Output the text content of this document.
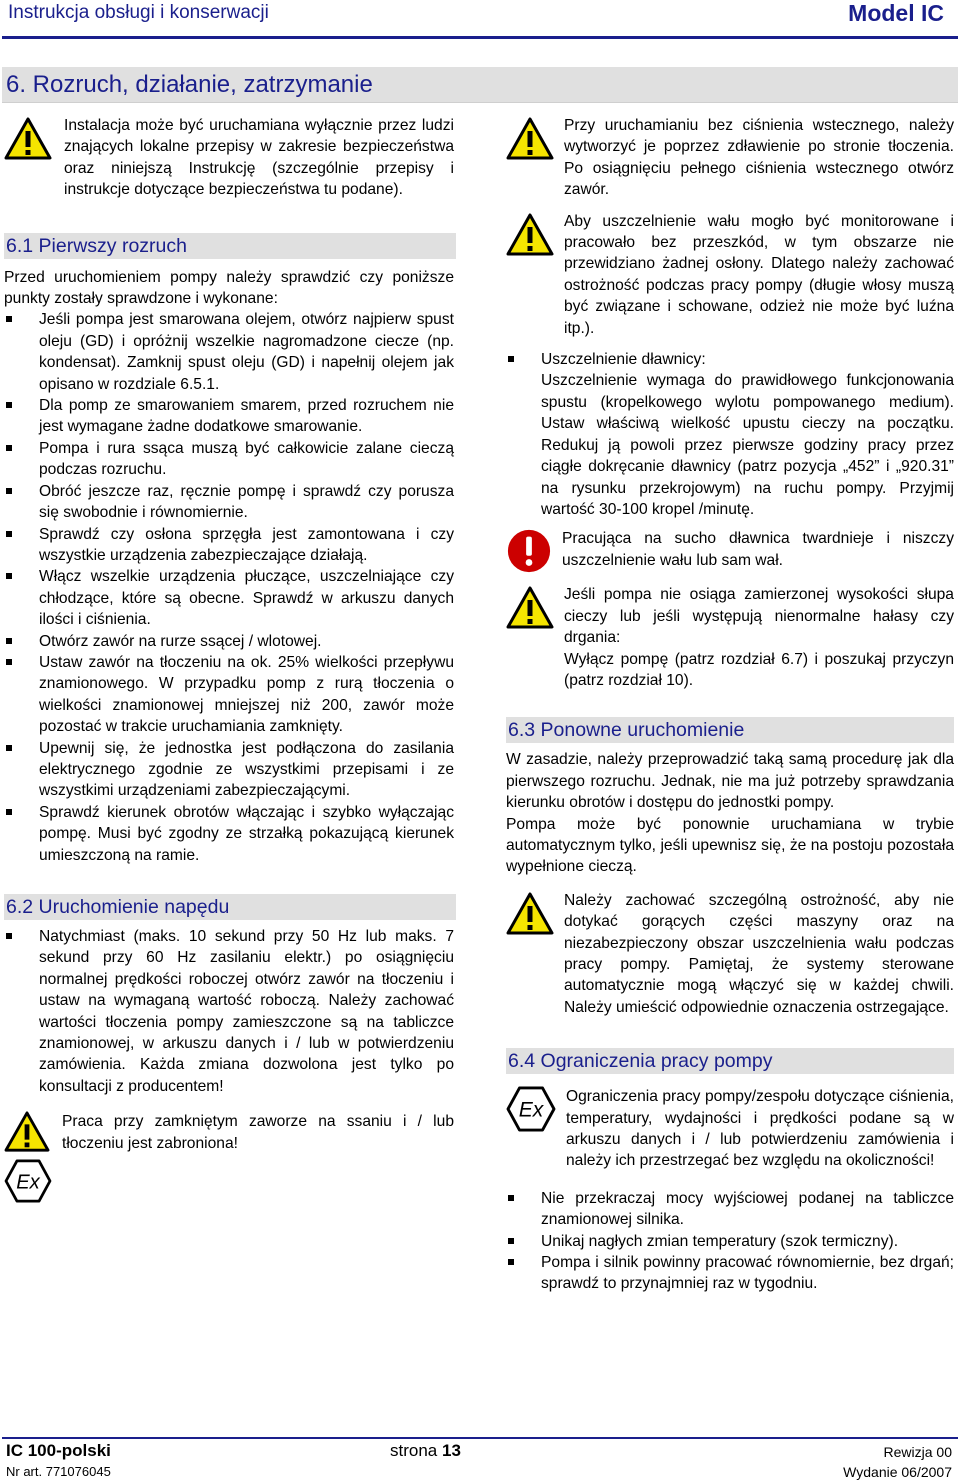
Instrukcja obsługi i konserwacji	Model IC
6. Rozruch, działanie, zatrzymanie
Instalacja może być uruchamiana wyłącznie przez ludzi znających lokalne przepisy w zakresie bezpieczeństwa oraz niniejszą Instrukcję (szczególnie przepisy i instrukcje dotyczące bezpieczeństwa tu podane).
6.1 Pierwszy rozruch

Przed uruchomieniem pompy należy sprawdzić czy poniższe punkty zostały sprawdzone i wykonane:

Jeśli pompa jest smarowana olejem, otwórz najpierw spust oleju (GD) i opróżnij wszelkie nagromadzone ciecze (np. kondensat). Zamknij spust oleju (GD) i napełnij olejem jak opisano w rozdziale 6.5.1.
Dla pomp ze smarowaniem smarem, przed rozruchem nie jest wymagane żadne dodatkowe smarowanie.
Pompa i rura ssąca muszą być całkowicie zalane cieczą podczas rozruchu.
Obróć jeszcze raz, ręcznie pompę i sprawdź czy porusza się swobodnie i równomiernie.
Sprawdź czy osłona sprzęgła jest zamontowana i czy wszystkie urządzenia zabezpieczające działają.
Włącz wszelkie urządzenia płuczące, uszczelniające czy chłodzące, które są obecne. Sprawdź w arkuszu danych ilości i ciśnienia.
Otwórz zawór na rurze ssącej / wlotowej.
Ustaw zawór na tłoczeniu na ok. 25% wielkości przepływu znamionowego. W przypadku pomp z rurą tłoczenia o wielkości znamionowej mniejszej niż 200, zawór może pozostać w trakcie uruchamiania zamknięty.
Upewnij się, że jednostka jest podłączona do zasilania elektrycznego zgodnie ze wszystkimi przepisami i ze wszystkimi urządzeniami zabezpieczającymi.
Sprawdź kierunek obrotów włączając i szybko wyłączając pompę. Musi być zgodny ze strzałką pokazującą kierunek umieszczoną na ramie.
6.2 Uruchomienie napędu
Natychmiast (maks. 10 sekund przy 50 Hz lub maks. 7 sekund przy 60 Hz zasilaniu elektr.) po osiągnięciu normalnej prędkości roboczej otwórz zawór na tłoczeniu i ustaw na wymaganą wartość roboczą. Należy zachować wartości tłoczenia pompy zamieszczone są na tabliczce znamionowej, w arkuszu danych i / lub w potwierdzeniu zamówienia. Każda zmiana dozwolona jest tylko po konsultacji z producentem!
Praca przy zamkniętym zaworze na ssaniu i / lub tłoczeniu jest zabroniona!
Przy uruchamianiu bez ciśnienia wstecznego, należy wytworzyć je poprzez zdławienie po stronie tłoczenia. Po osiągnięciu pełnego ciśnienia wstecznego otwórz zawór.
Aby uszczelnienie wału mogło być monitorowane i pracowało bez przeszkód, w tym obszarze nie przewidziano żadnej osłony. Dlatego należy zachować ostrożność podczas pracy pompy (długie włosy muszą być związane i schowane, odzież nie może być luźna itp.).
Uszczelnienie dławnicy:
Uszczelnienie wymaga do prawidłowego funkcjonowania spustu (kropelkowego wylotu pompowanego medium). Ustaw właściwą wielkość upustu cieczy na początku. Redukuj ją powoli przez pierwsze godziny pracy przez ciągłe dokręcanie dławnicy (patrz pozycja „452” i „920.31” na rysunku przekrojowym) na ruchu pompy. Przyjmij wartość 30-100 kropel /minutę.
Pracująca na sucho dławnica twardnieje i niszczy uszczelnienie wału lub sam wał.
Jeśli pompa nie osiąga zamierzonej wysokości słupa cieczy lub jeśli występują nienormalne hałasy czy drgania:
Wyłącz pompę (patrz rozdział 6.7) i poszukaj przyczyn (patrz rozdział 10).
6.3 Ponowne uruchomienie

W zasadzie, należy przeprowadzić taką samą procedurę jak dla pierwszego rozruchu. Jednak, nie ma już potrzeby sprawdzania kierunku obrotów i dostępu do jednostki pompy.

Pompa może być ponownie uruchamiana w trybie automatycznym tylko, jeśli upewnisz się, że na postoju pozostała wypełnione cieczą.

Należy zachować szczególną ostrożność, aby nie dotykać gorących części maszyny oraz na niezabezpieczony obszar uszczelnienia wału podczas pracy pompy. Pamiętaj, że systemy sterowane automatycznie mogą włączyć się w każdej chwili. Należy umieścić odpowiednie oznaczenia ostrzegające.
6.4 Ograniczenia pracy pompy
Ograniczenia pracy pompy/zespołu dotyczące ciśnienia, temperatury, wydajności i prędkości podane są w arkuszu danych i / lub potwierdzeniu zamówienia i należy ich przestrzegać bez względu na okoliczności!
Nie przekraczaj mocy wyjściowej podanej na tabliczce znamionowej silnika.
Unikaj nagłych zmian temperatury (szok termiczny).
Pompa i silnik powinny pracować równomiernie, bez drgań; sprawdź to przynajmniej raz w tygodniu.
IC 100-polski	strona 13	Rewizja 00
Nr art. 771076045	Wydanie 06/2007
